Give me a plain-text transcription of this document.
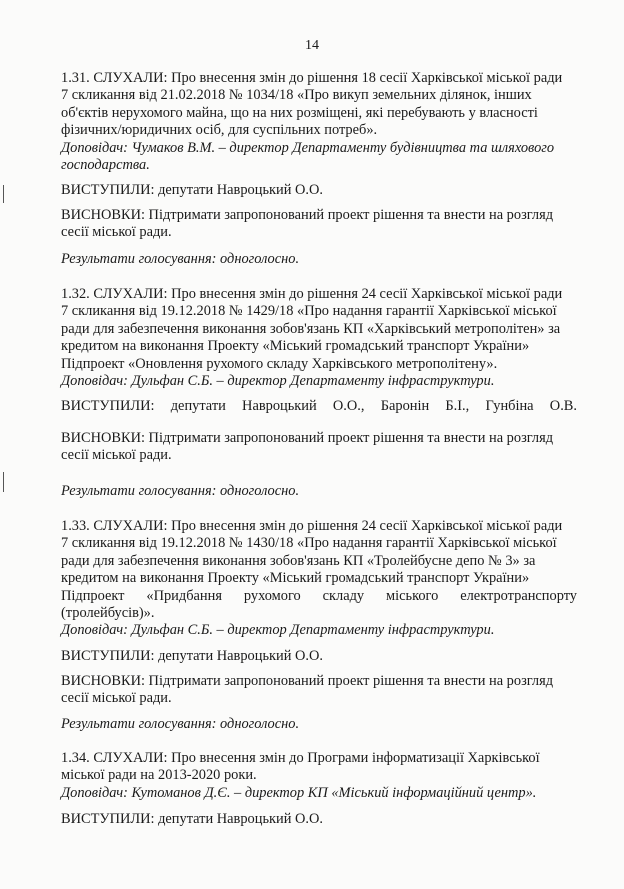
14
1.31. СЛУХАЛИ: Про внесення змін до рішення 18 сесії Харківської міської ради
7 скликання від 21.02.2018 № 1034/18 «Про викуп земельних ділянок, інших
об'єктів нерухомого майна, що на них розміщені, які перебувають у власності
фізичних/юридичних осіб, для суспільних потреб».
Доповідач: Чумаков В.М. – директор Департаменту будівництва та шляхового
господарства.
ВИСТУПИЛИ: депутати Навроцький О.О.
ВИСНОВКИ: Підтримати запропонований проект рішення та внести на розгляд
сесії міської ради.
Результати голосування: одноголосно.
1.32. СЛУХАЛИ: Про внесення змін до рішення 24 сесії Харківської міської ради
7 скликання від 19.12.2018 № 1429/18 «Про надання гарантії Харківської міської
ради для забезпечення виконання зобов'язань КП «Харківський метрополітен» за
кредитом на виконання Проекту «Міський громадський транспорт України»
Підпроект «Оновлення рухомого складу Харківського метрополітену».
Доповідач: Дульфан С.Б. – директор Департаменту інфраструктури.
ВИСТУПИЛИ: депутати Навроцький О.О., Баронін Б.І., Гунбіна О.В.
ВИСНОВКИ: Підтримати запропонований проект рішення та внести на розгляд
сесії міської ради.
Результати голосування: одноголосно.
1.33. СЛУХАЛИ: Про внесення змін до рішення 24 сесії Харківської міської ради
7 скликання від 19.12.2018 № 1430/18 «Про надання гарантії Харківської міської
ради для забезпечення виконання зобов'язань КП «Тролейбусне депо № 3» за
кредитом на виконання Проекту «Міський громадський транспорт України»
Підпроект «Придбання рухомого складу міського електротранспорту
(тролейбусів)».
Доповідач: Дульфан С.Б. – директор Департаменту інфраструктури.
ВИСТУПИЛИ: депутати Навроцький О.О.
ВИСНОВКИ: Підтримати запропонований проект рішення та внести на розгляд
сесії міської ради.
Результати голосування: одноголосно.
1.34. СЛУХАЛИ: Про внесення змін до Програми інформатизації Харківської
міської ради на 2013-2020 роки.
Доповідач: Кутоманов Д.Є. – директор КП «Міський інформаційний центр».
ВИСТУПИЛИ: депутати Навроцький О.О.
